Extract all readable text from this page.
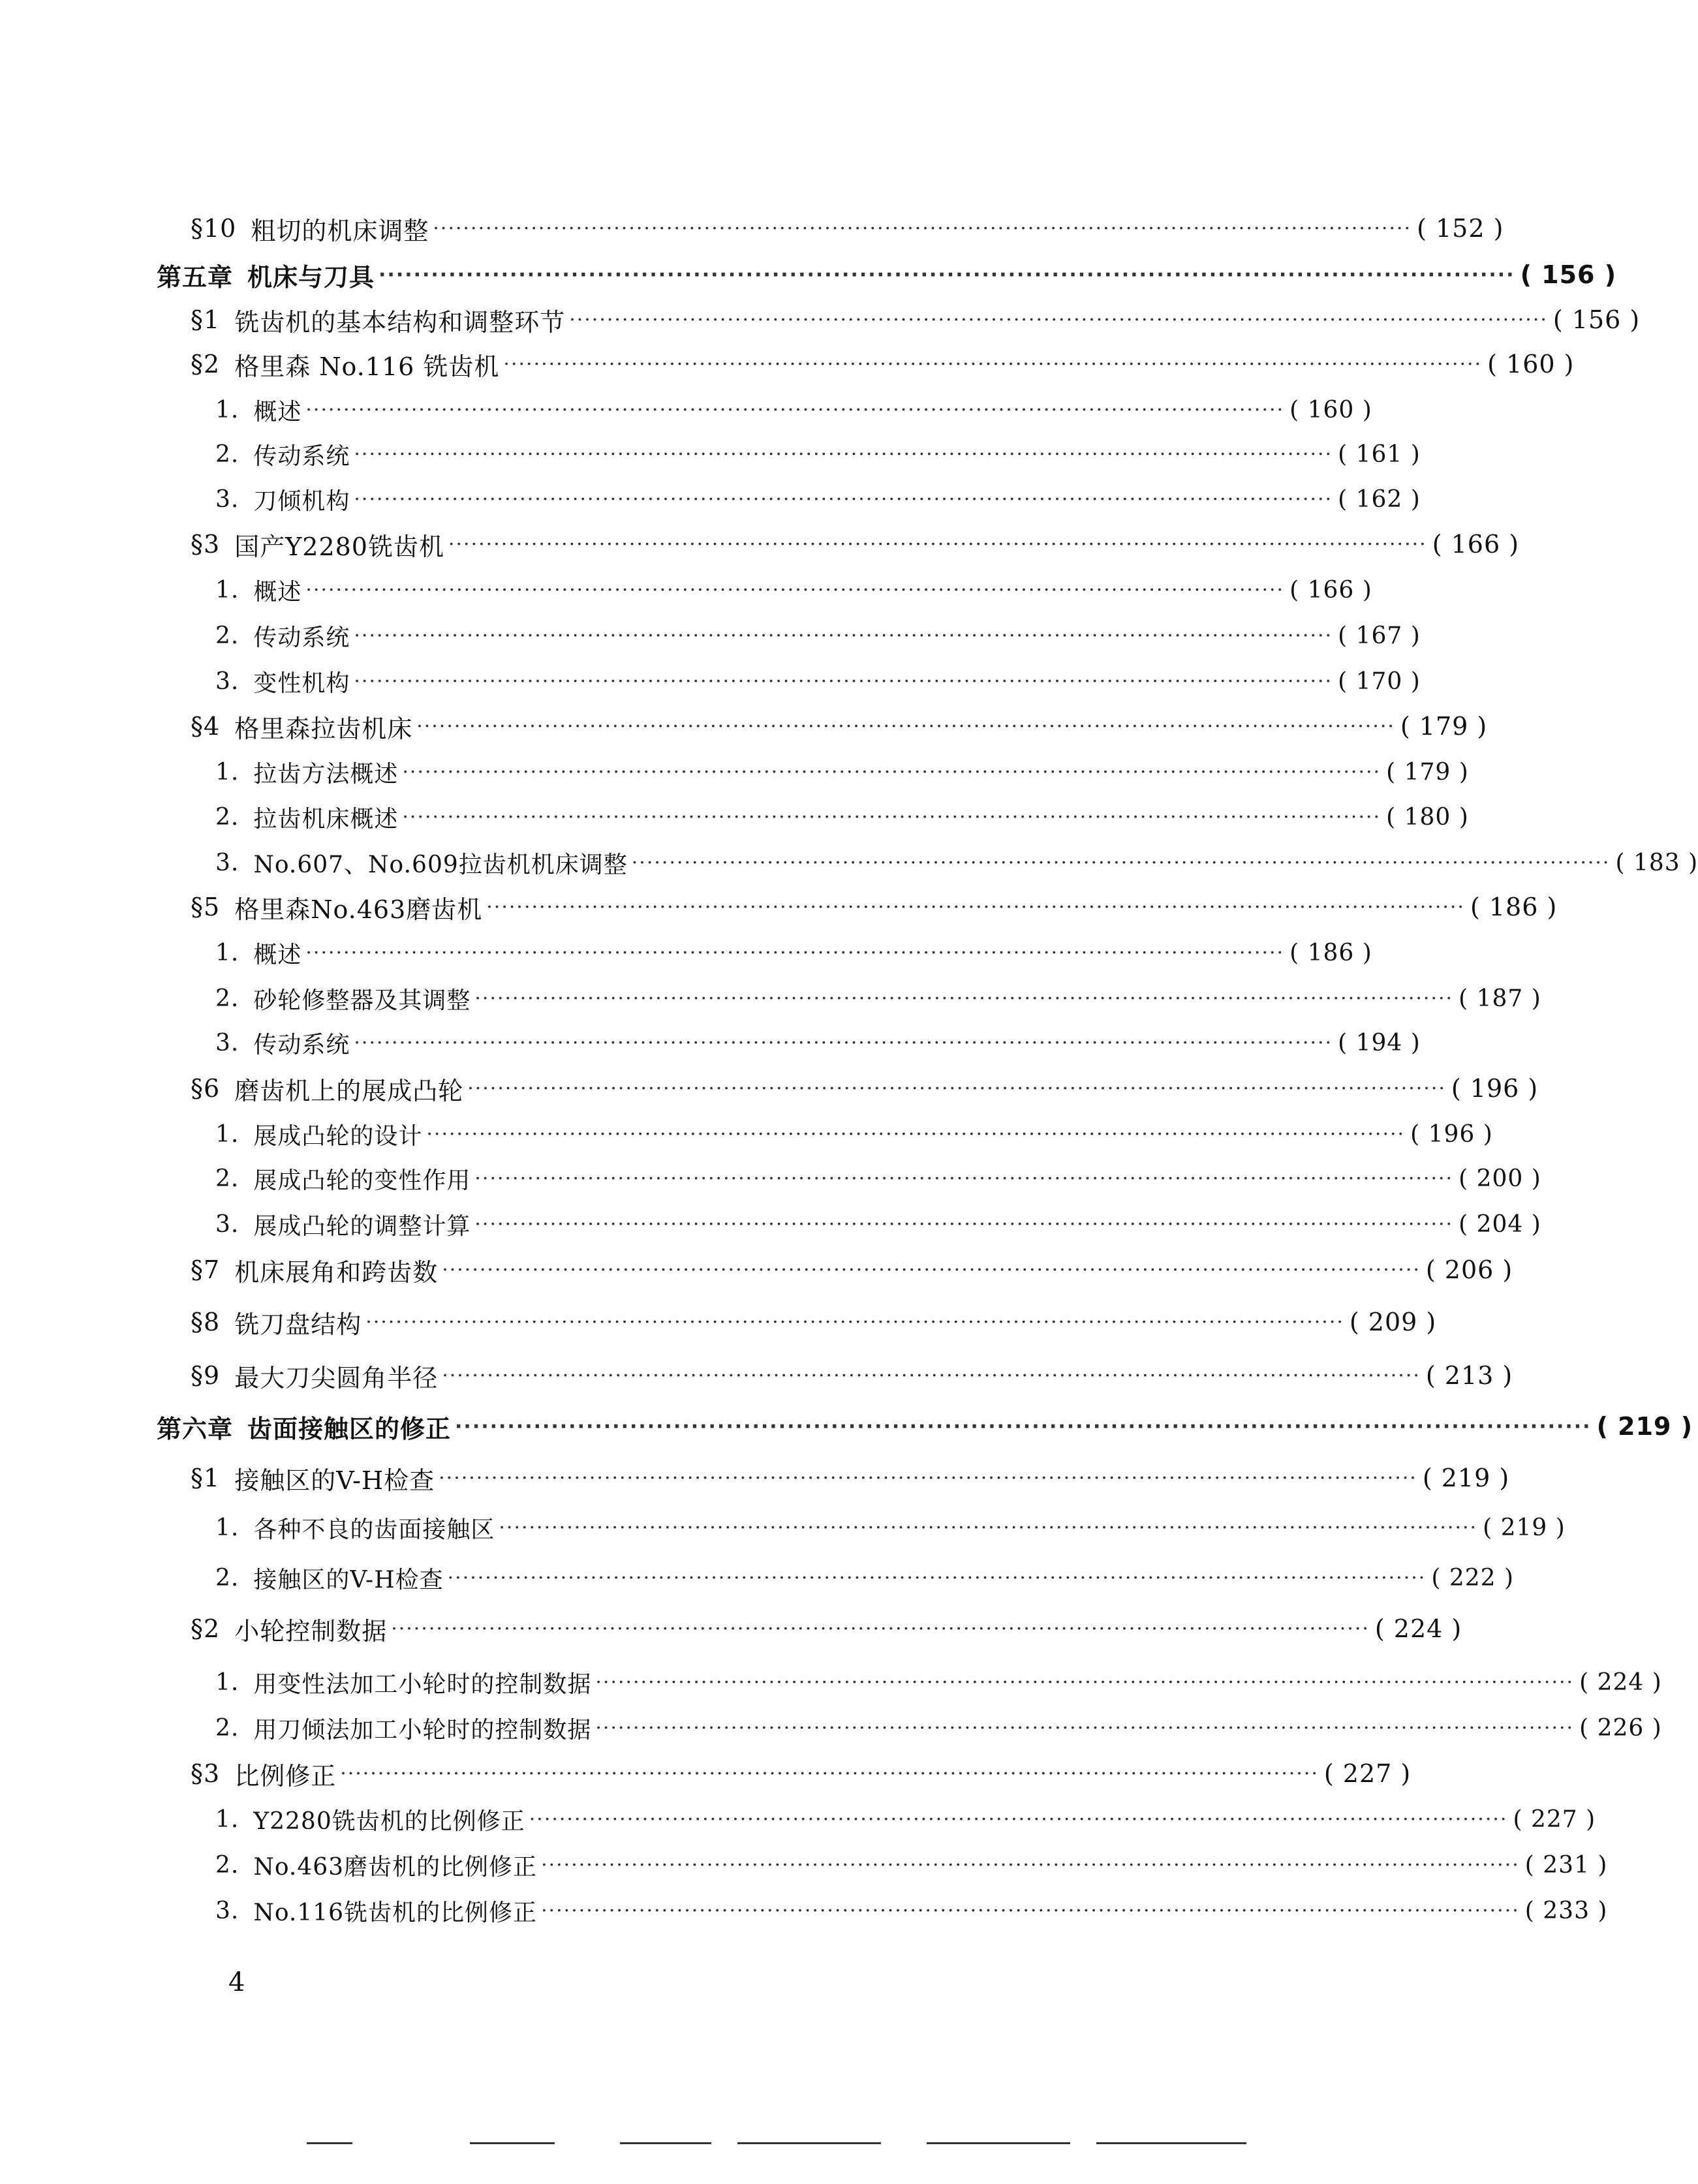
§10 粗切的机床调整 ·································································································································· ( 152 )
第五章 机床与刀具 ·································································································································· ( 156 )
§1 铣齿机的基本结构和调整环节 ·································································································································· ( 156 )
§2 格里森 No.116 铣齿机 ·································································································································· ( 160 )
1. 概述 ·································································································································· ( 160 )
2. 传动系统 ·································································································································· ( 161 )
3. 刀倾机构 ·································································································································· ( 162 )
§3 国产Y2280铣齿机 ·································································································································· ( 166 )
1. 概述 ·································································································································· ( 166 )
2. 传动系统 ·································································································································· ( 167 )
3. 变性机构 ·································································································································· ( 170 )
§4 格里森拉齿机床 ·································································································································· ( 179 )
1. 拉齿方法概述 ·································································································································· ( 179 )
2. 拉齿机床概述 ·································································································································· ( 180 )
3. No.607、No.609拉齿机机床调整 ·································································································································· ( 183 )
§5 格里森No.463磨齿机 ·································································································································· ( 186 )
1. 概述 ·································································································································· ( 186 )
2. 砂轮修整器及其调整 ·································································································································· ( 187 )
3. 传动系统 ·································································································································· ( 194 )
§6 磨齿机上的展成凸轮 ·································································································································· ( 196 )
1. 展成凸轮的设计 ·································································································································· ( 196 )
2. 展成凸轮的变性作用 ·································································································································· ( 200 )
3. 展成凸轮的调整计算 ·································································································································· ( 204 )
§7 机床展角和跨齿数 ·································································································································· ( 206 )
§8 铣刀盘结构 ·································································································································· ( 209 )
§9 最大刀尖圆角半径 ·································································································································· ( 213 )
第六章 齿面接触区的修正 ·································································································································· ( 219 )
§1 接触区的V-H检查 ·································································································································· ( 219 )
1. 各种不良的齿面接触区 ·································································································································· ( 219 )
2. 接触区的V-H检查 ·································································································································· ( 222 )
§2 小轮控制数据 ·································································································································· ( 224 )
1. 用变性法加工小轮时的控制数据 ·································································································································· ( 224 )
2. 用刀倾法加工小轮时的控制数据 ·································································································································· ( 226 )
§3 比例修正 ·································································································································· ( 227 )
1. Y2280铣齿机的比例修正 ·································································································································· ( 227 )
2. No.463磨齿机的比例修正 ·································································································································· ( 231 )
3. No.116铣齿机的比例修正 ·································································································································· ( 233 )
4
